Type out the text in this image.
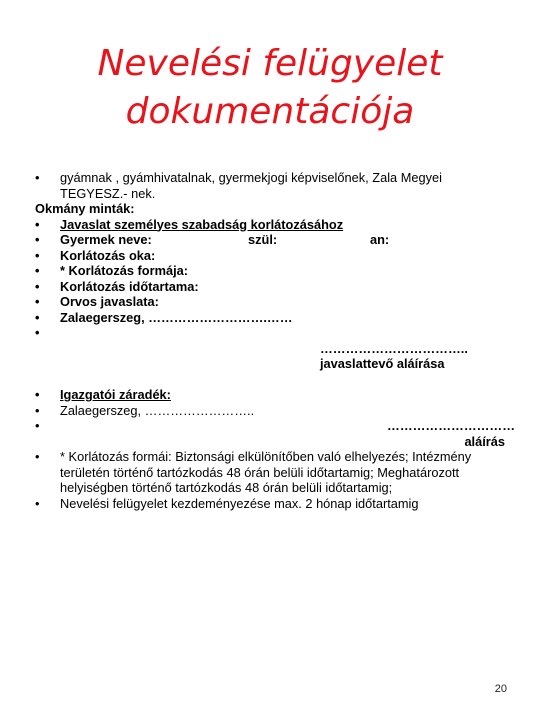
Nevelési felügyelet
dokumentációja
• gyámnak , gyámhivatalnak, gyermekjogi képviselőnek, Zala Megyei
TEGYESZ.- nek.
Okmány minták:
• Javaslat személyes szabadság korlátozásához
• Gyermek neve:	szül:	an:
• Korlátozás oka:
• * Korlátozás formája:
• Korlátozás időtartama:
• Orvos javaslata:
• Zalaegerszeg, ……………………….……
•
……………………………..
javaslattevő aláírása
• Igazgatói záradék:
• Zalaegerszeg, ……………………..
•	…………………………
aláírás
• * Korlátozás formái: Biztonsági elkülönítőben való elhelyezés; Intézmény
területén történő tartózkodás 48 órán belüli időtartamig; Meghatározott
helyiségben történő tartózkodás 48 órán belüli időtartamig;
• Nevelési felügyelet kezdeményezése max. 2 hónap időtartamig
20
